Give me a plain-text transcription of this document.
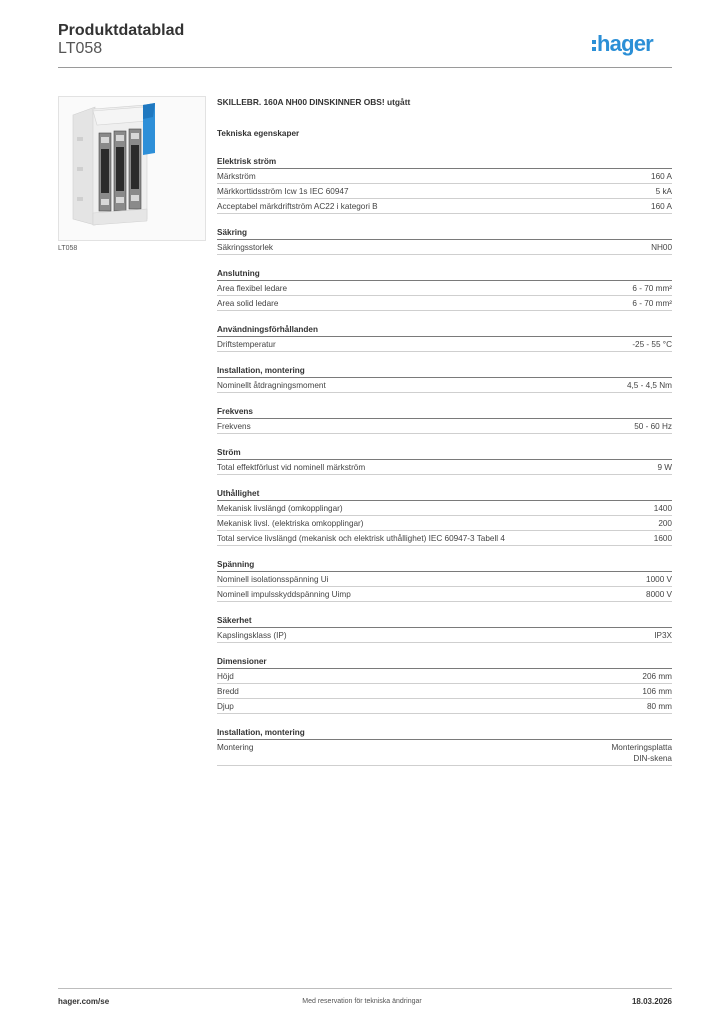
Produktdatablad
LT058	hager
LT058
SKILLEBR. 160A NH00 DINSKINNER OBS! utgått
Tekniska egenskaper
Elektrisk ström
Märkström	160 A
Märkkorttidsström Icw 1s IEC 60947	5 kA
Acceptabel märkdriftström AC22 i kategori B	160 A
Säkring
Säkringsstorlek	NH00
Anslutning
Area flexibel ledare	6 - 70 mm²
Area solid ledare	6 - 70 mm²
Användningsförhållanden
Driftstemperatur	-25 - 55 °C
Installation, montering
Nominellt åtdragningsmoment	4,5 - 4,5 Nm
Frekvens
Frekvens	50 - 60 Hz
Ström
Total effektförlust vid nominell märkström	9 W
Uthållighet
Mekanisk livslängd (omkopplingar)	1400
Mekanisk livsl. (elektriska omkopplingar)	200
Total service livslängd (mekanisk och elektrisk uthållighet) IEC 60947-3 Tabell 4	1600
Spänning
Nominell isolationsspänning Ui	1000 V
Nominell impulsskyddspänning Uimp	8000 V
Säkerhet
Kapslingsklass (IP)	IP3X
Dimensioner
Höjd	206 mm
Bredd	106 mm
Djup	80 mm
Installation, montering
Montering	Monteringsplatta
DIN-skena
hager.com/se	Med reservation för tekniska ändringar	18.03.2026
